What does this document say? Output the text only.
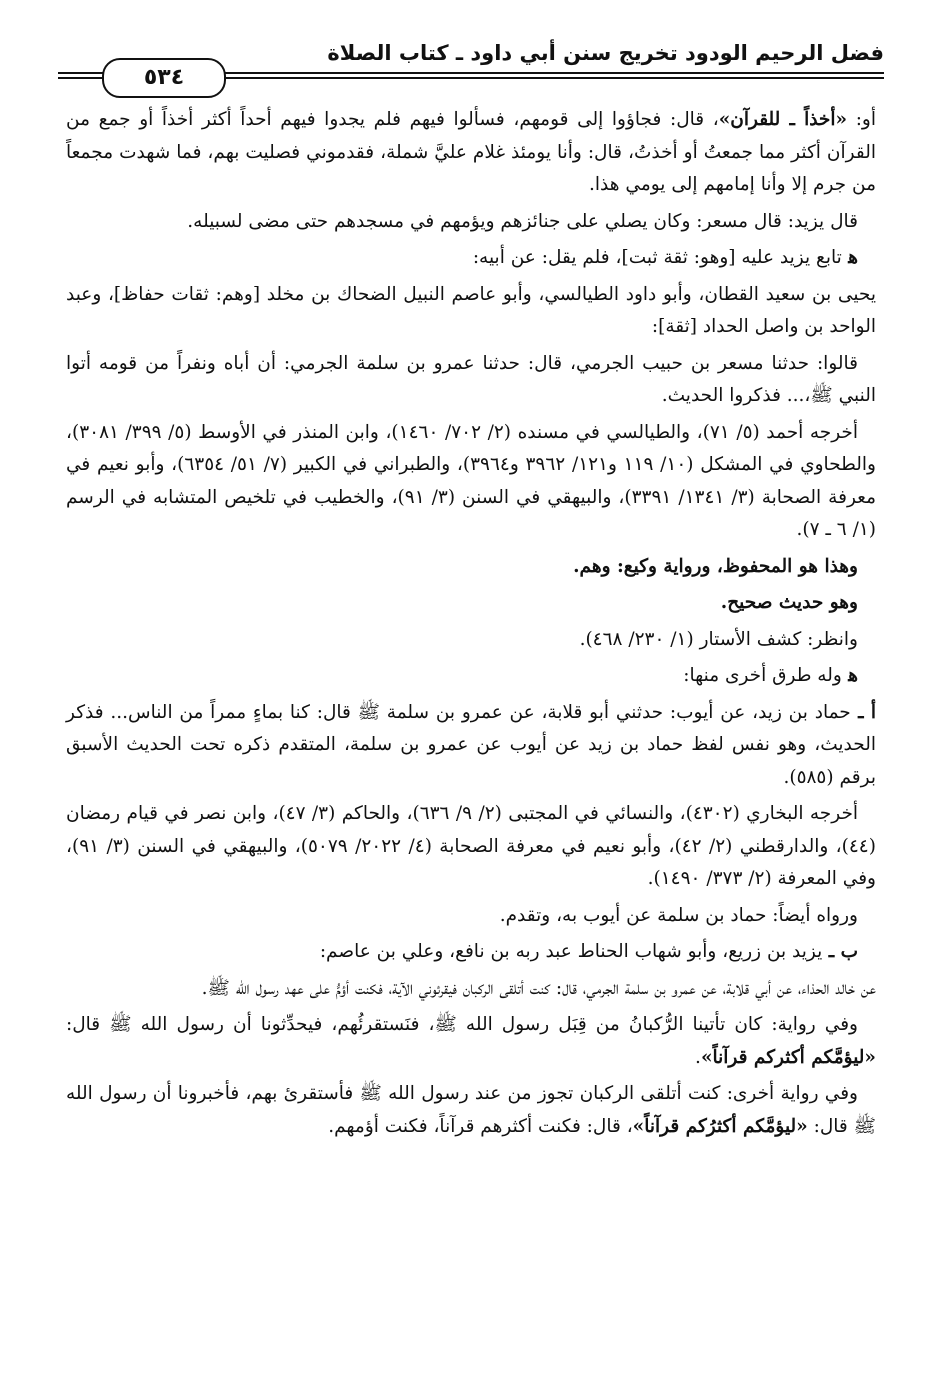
فضل الرحيم الودود تخريج سنن أبي داود ـ كتاب الصلاة
٥٣٤

أو: «أخذاً ـ للقرآن»، قال: فجاؤوا إلى قومهم، فسألوا فيهم فلم يجدوا فيهم أحداً أكثر أخذاً أو جمع من القرآن أكثر مما جمعتُ أو أخذتُ، قال: وأنا يومئذ غلام عليَّ شملة، فقدموني فصليت بهم، فما شهدت مجمعاً من جرم إلا وأنا إمامهم إلى يومي هذا.

قال يزيد: قال مسعر: وكان يصلي على جنائزهم ويؤمهم في مسجدهم حتى مضى لسبيله.

ﻫ تابع يزيد عليه [وهو: ثقة ثبت]، فلم يقل: عن أبيه:

يحيى بن سعيد القطان، وأبو داود الطيالسي، وأبو عاصم النبيل الضحاك بن مخلد [وهم: ثقات حفاظ]، وعبد الواحد بن واصل الحداد [ثقة]:

قالوا: حدثنا مسعر بن حبيب الجرمي، قال: حدثنا عمرو بن سلمة الجرمي: أن أباه ونفراً من قومه أتوا النبي ﷺ،... فذكروا الحديث.

أخرجه أحمد (٥/ ٧١)، والطيالسي في مسنده (٢/ ٧٠٢/ ١٤٦٠)، وابن المنذر في الأوسط (٥/ ٣٩٩/ ٣٠٨١)، والطحاوي في المشكل (١٠/ ١١٩ و١٢١/ ٣٩٦٢ و٣٩٦٤)، والطبراني في الكبير (٧/ ٥١/ ٦٣٥٤)، وأبو نعيم في معرفة الصحابة (٣/ ١٣٤١/ ٣٣٩١)، والبيهقي في السنن (٣/ ٩١)، والخطيب في تلخيص المتشابه في الرسم (١/ ٦ ـ ٧).

وهذا هو المحفوظ، ورواية وكيع: وهم.

وهو حديث صحيح.

وانظر: كشف الأستار (١/ ٢٣٠/ ٤٦٨).

ﻫ وله طرق أخرى منها:

أ ـ حماد بن زيد، عن أيوب: حدثني أبو قلابة، عن عمرو بن سلمة ﷺ قال: كنا بماءٍ ممراً من الناس... فذكر الحديث، وهو نفس لفظ حماد بن زيد عن أيوب عن عمرو بن سلمة، المتقدم ذكره تحت الحديث الأسبق برقم (٥٨٥).

أخرجه البخاري (٤٣٠٢)، والنسائي في المجتبى (٢/ ٩/ ٦٣٦)، والحاكم (٣/ ٤٧)، وابن نصر في قيام رمضان (٤٤)، والدارقطني (٢/ ٤٢)، وأبو نعيم في معرفة الصحابة (٤/ ٢٠٢٢/ ٥٠٧٩)، والبيهقي في السنن (٣/ ٩١)، وفي المعرفة (٢/ ٣٧٣/ ١٤٩٠).

ورواه أيضاً: حماد بن سلمة عن أيوب به، وتقدم.

ب ـ يزيد بن زريع، وأبو شهاب الحناط عبد ربه بن نافع، وعلي بن عاصم:

عن خالد الحذاء، عن أبي قلابة، عن عمرو بن سلمة الجرمي، قال: كنت أتلقى الركبان فيقرئوني الآية، فكنت أؤمُّ على عهد رسول الله ﷺ.

وفي رواية: كان تأتينا الرُّكبانُ من قِبَل رسول الله ﷺ، فنَستقرئُهم، فيحدِّثونا أن رسول الله ﷺ قال: «ليؤمَّكم أكثركم قرآناً».

وفي رواية أخرى: كنت أتلقى الركبان تجوز من عند رسول الله ﷺ فأستقرئ بهم، فأخبرونا أن رسول الله ﷺ قال: «ليؤمَّكم أكثرُكم قرآناً»، قال: فكنت أكثرهم قرآناً، فكنت أؤمهم.
